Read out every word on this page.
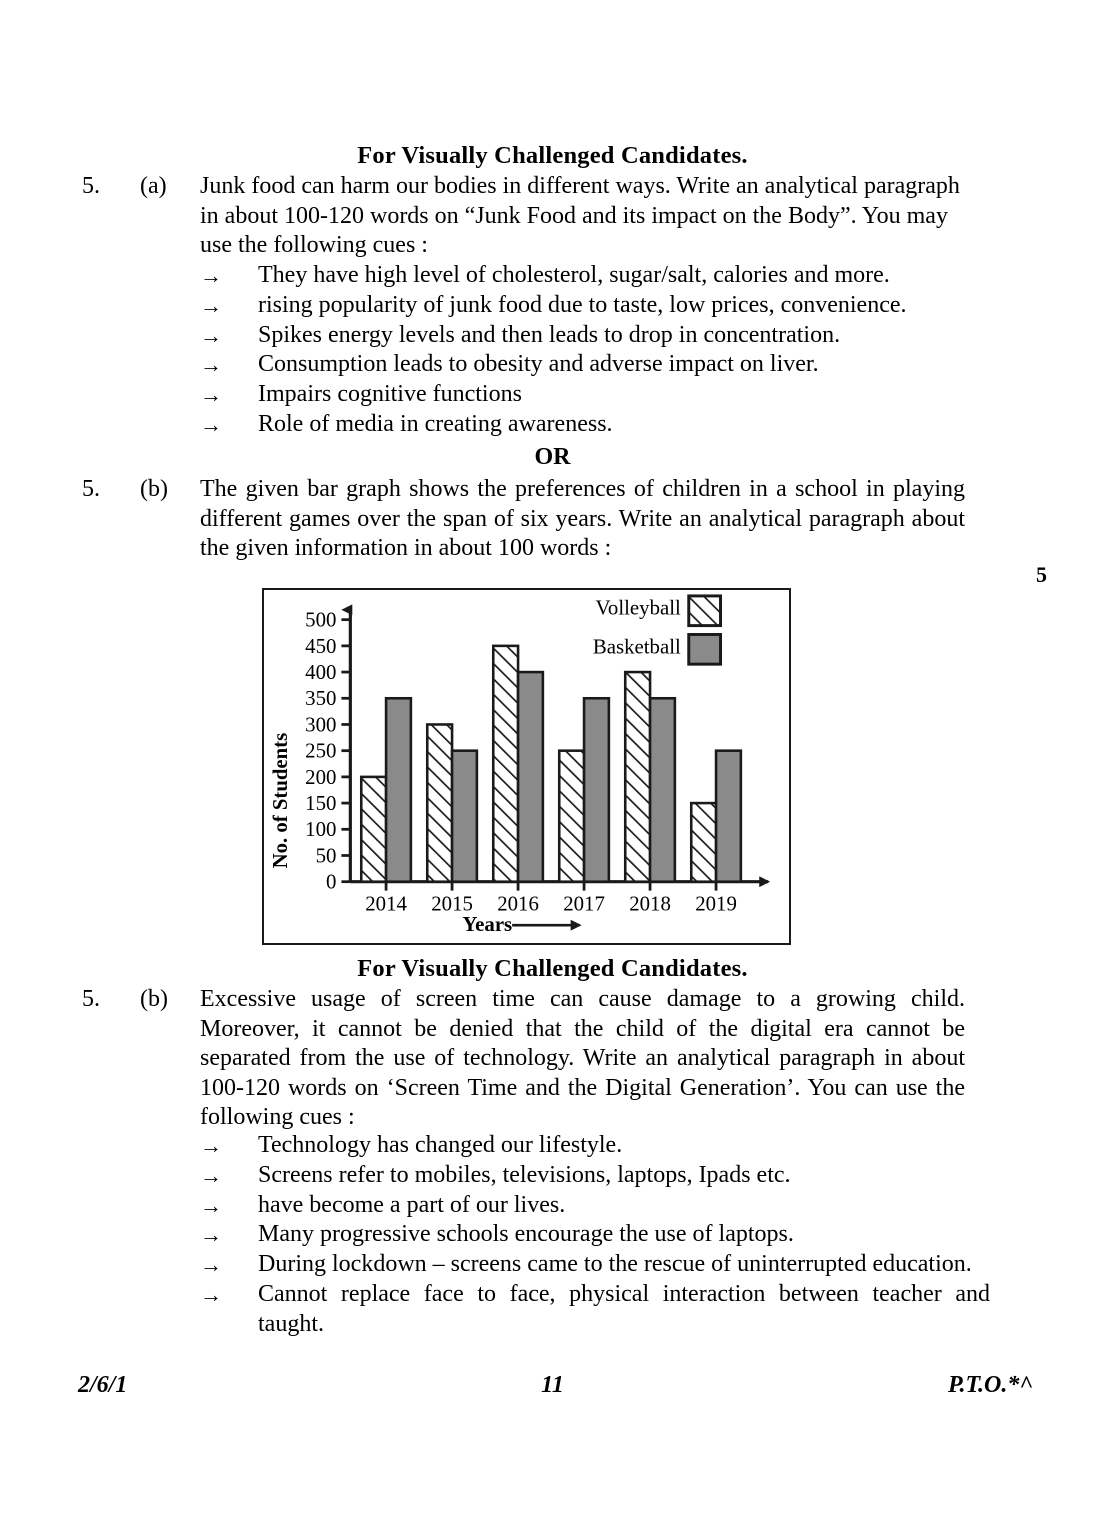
For Visually Challenged Candidates.
5.	(a)	Junk food can harm our bodies in different ways. Write an analytical paragraph in about 100-120 words on “Junk Food and its impact on the Body”. You may use the following cues :
→ They have high level of cholesterol, sugar/salt, calories and more.
→ rising popularity of junk food due to taste, low prices, convenience.
→ Spikes energy levels and then leads to drop in concentration.
→ Consumption leads to obesity and adverse impact on liver.
→ Impairs cognitive functions
→ Role of media in creating awareness.
OR
5.	(b)	The given bar graph shows the preferences of children in a school in playing different games over the span of six years. Write an analytical paragraph about the given information in about 100 words :
5
No. of Students
0
50
100
150
200
250
300
350
400
450
500
2014 2015 2016 2017 2018 2019
Years
Volleyball
Basketball
For Visually Challenged Candidates.
5.	(b)	Excessive usage of screen time can cause damage to a growing child. Moreover, it cannot be denied that the child of the digital era cannot be separated from the use of technology. Write an analytical paragraph in about 100-120 words on ‘Screen Time and the Digital Generation’. You can use the following cues :
→ Technology has changed our lifestyle.
→ Screens refer to mobiles, televisions, laptops, Ipads etc.
→ have become a part of our lives.
→ Many progressive schools encourage the use of laptops.
→ During lockdown – screens came to the rescue of uninterrupted education.
→ Cannot replace face to face, physical interaction between teacher and taught.
2/6/1	11	P.T.O.*^
